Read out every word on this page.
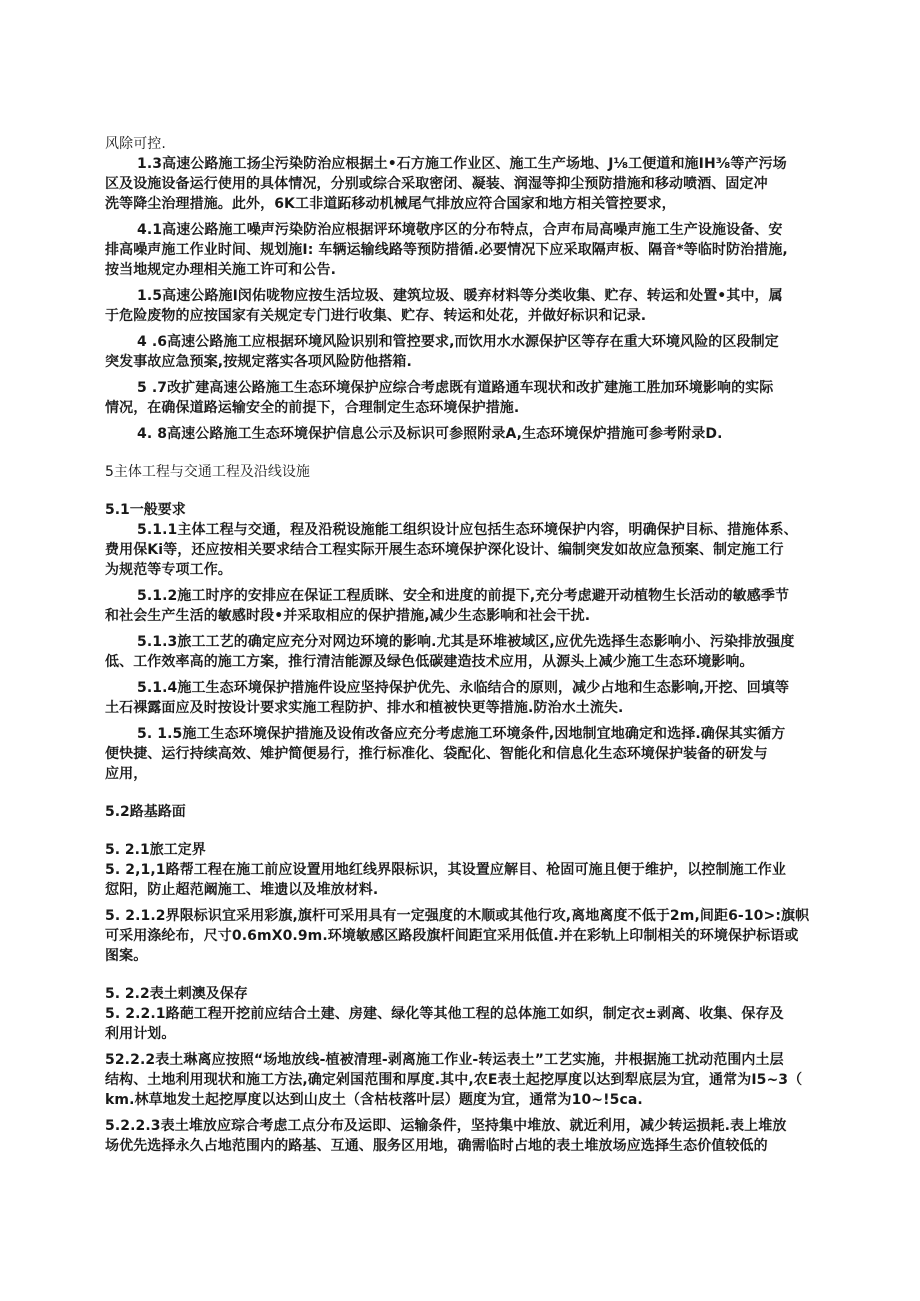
风除可控.
1.3高速公路施工扬尘污染防治应根据土•石方施工作业区、施工生产场地、J⅛工便道和施IH⅜等产污场
区及设施设备运行使用的具体情况，分别或综合采取密闭、凝装、润湿等抑尘预防措施和移动喷酒、固定冲
洗等降尘治理措施。此外，6K工非道跖移动机械尾气排放应符合国家和地方相关管控要求，
4.1高速公路施工噪声污染防治应根据评环境敬序区的分布特点，合声布局高噪声施工生产设施设备、安
排高噪声施工作业时间、规划施I: 车辆运输线路等预防措循.必要情况下应采取隔声板、隔音*等临时防治措施,
按当地规定办理相关施工许可和公告.
1.5高速公路施I闵佑咙物应按生活垃圾、建筑垃圾、暖弃材料等分类收集、贮存、转运和处置•其中，属
于危险废物的应按国家有关规定专门进行收集、贮存、转运和处花，并做好标识和记录.
4 .6高速公路施工应根据环境风险识别和管控要求,而饮用水水源保护区等存在重大环境风险的区段制定
突发事故应急预案,按规定落实各项风险防他搭箱.
5 .7改扩建高速公路施工生态环境保护应综合考虑既有道路通车现状和改扩建施工胜加环境影响的实际
情况，在确保道路运输安全的前提下，合理制定生态环境保护措施.
4. 8高速公路施工生态环境保护信息公示及标识可参照附录A,生态环境保炉措施可参考附录D.
5主体工程与交通工程及沿线设施
5.1一般要求
5.1.1主体工程与交通，程及沿税设施能工组织设计应包括生态环境保护内容，明确保护目标、措施体系、
费用保Ki等，还应按相关要求结合工程实际开展生态环境保护深化设计、编制突发如故应急预案、制定施工行
为规范等专项工作。
5.1.2施工时序的安排应在保证工程质眯、安全和进度的前提下,充分考虑避开动植物生长活动的敏感季节
和社会生产生活的敏感时段•并采取相应的保护措施,减少生态影响和社会干扰.
5.1.3旅工工艺的确定应充分对网边环境的影响.尤其是环堆被域区,应优先选择生态影响小、污染排放强度
低、工作效率高的施工方案，推行清洁能源及绿色低碳建造技术应用，从源头上减少施工生态环境影响。
5.1.4施工生态环境保护措施件设应坚持保护优先、永临结合的原则，减少占地和生态影响,开挖、回填等
土石裸露面应及时按设计要求实施工程防护、排水和植被快更等措施.防治水土流失.
5. 1.5施工生态环境保护措施及设侑改备应充分考虑施工环境条件,因地制宜地确定和选择.确保其实循方
便快捷、运行持续高效、雉护简便易行，推行标准化、袋配化、智能化和信息化生态环境保护装备的研发与
应用，
5.2路基路面
5. 2.1旅工定界
5. 2,1,1路帮工程在施工前应设置用地红线界限标识，其设置应解目、枪固可施且便于维护，以控制施工作业
愆阳，防止超范阚施工、堆遗以及堆放材料.
5. 2.1.2界限标识宜采用彩旗,旗杆可采用具有一定强度的木顺或其他行攻,离地离度不低于2m,间距6-10>:旗帜
可采用涤纶布，尺寸0.6mX0.9m.环境敏感区路段旗杆间距宜采用低值.并在彩轨上印制相关的环境保护标语或
图案。
5. 2.2表土剌澳及保存
5. 2.2.1路葩工程开挖前应结合土建、房建、绿化等其他工程的总体施工如织，制定衣±剥离、收集、保存及
利用计划。
52.2.2表土琳离应按照“场地放线-植被清理-剥离施工作业-转运表土”工艺实施，井根据施工扰动范围内土层
结构、土地利用现状和施工方法,确定剁国范围和厚度.其中,农E表土起挖厚度以达到犁底层为宜，通常为I5~3（
km.林草地发土起挖厚度以达到山皮土（含枯枝落叶层）题度为宜，通常为10~!5ca.
5.2.2.3表土堆放应琮合考虑工点分布及运即、运输条件，坚持集中堆放、就近利用，减少转运损耗.表上堆放
场优先选择永久占地范围内的路基、互通、服务区用地，确需临时占地的表土堆放场应选择生态价值较低的
